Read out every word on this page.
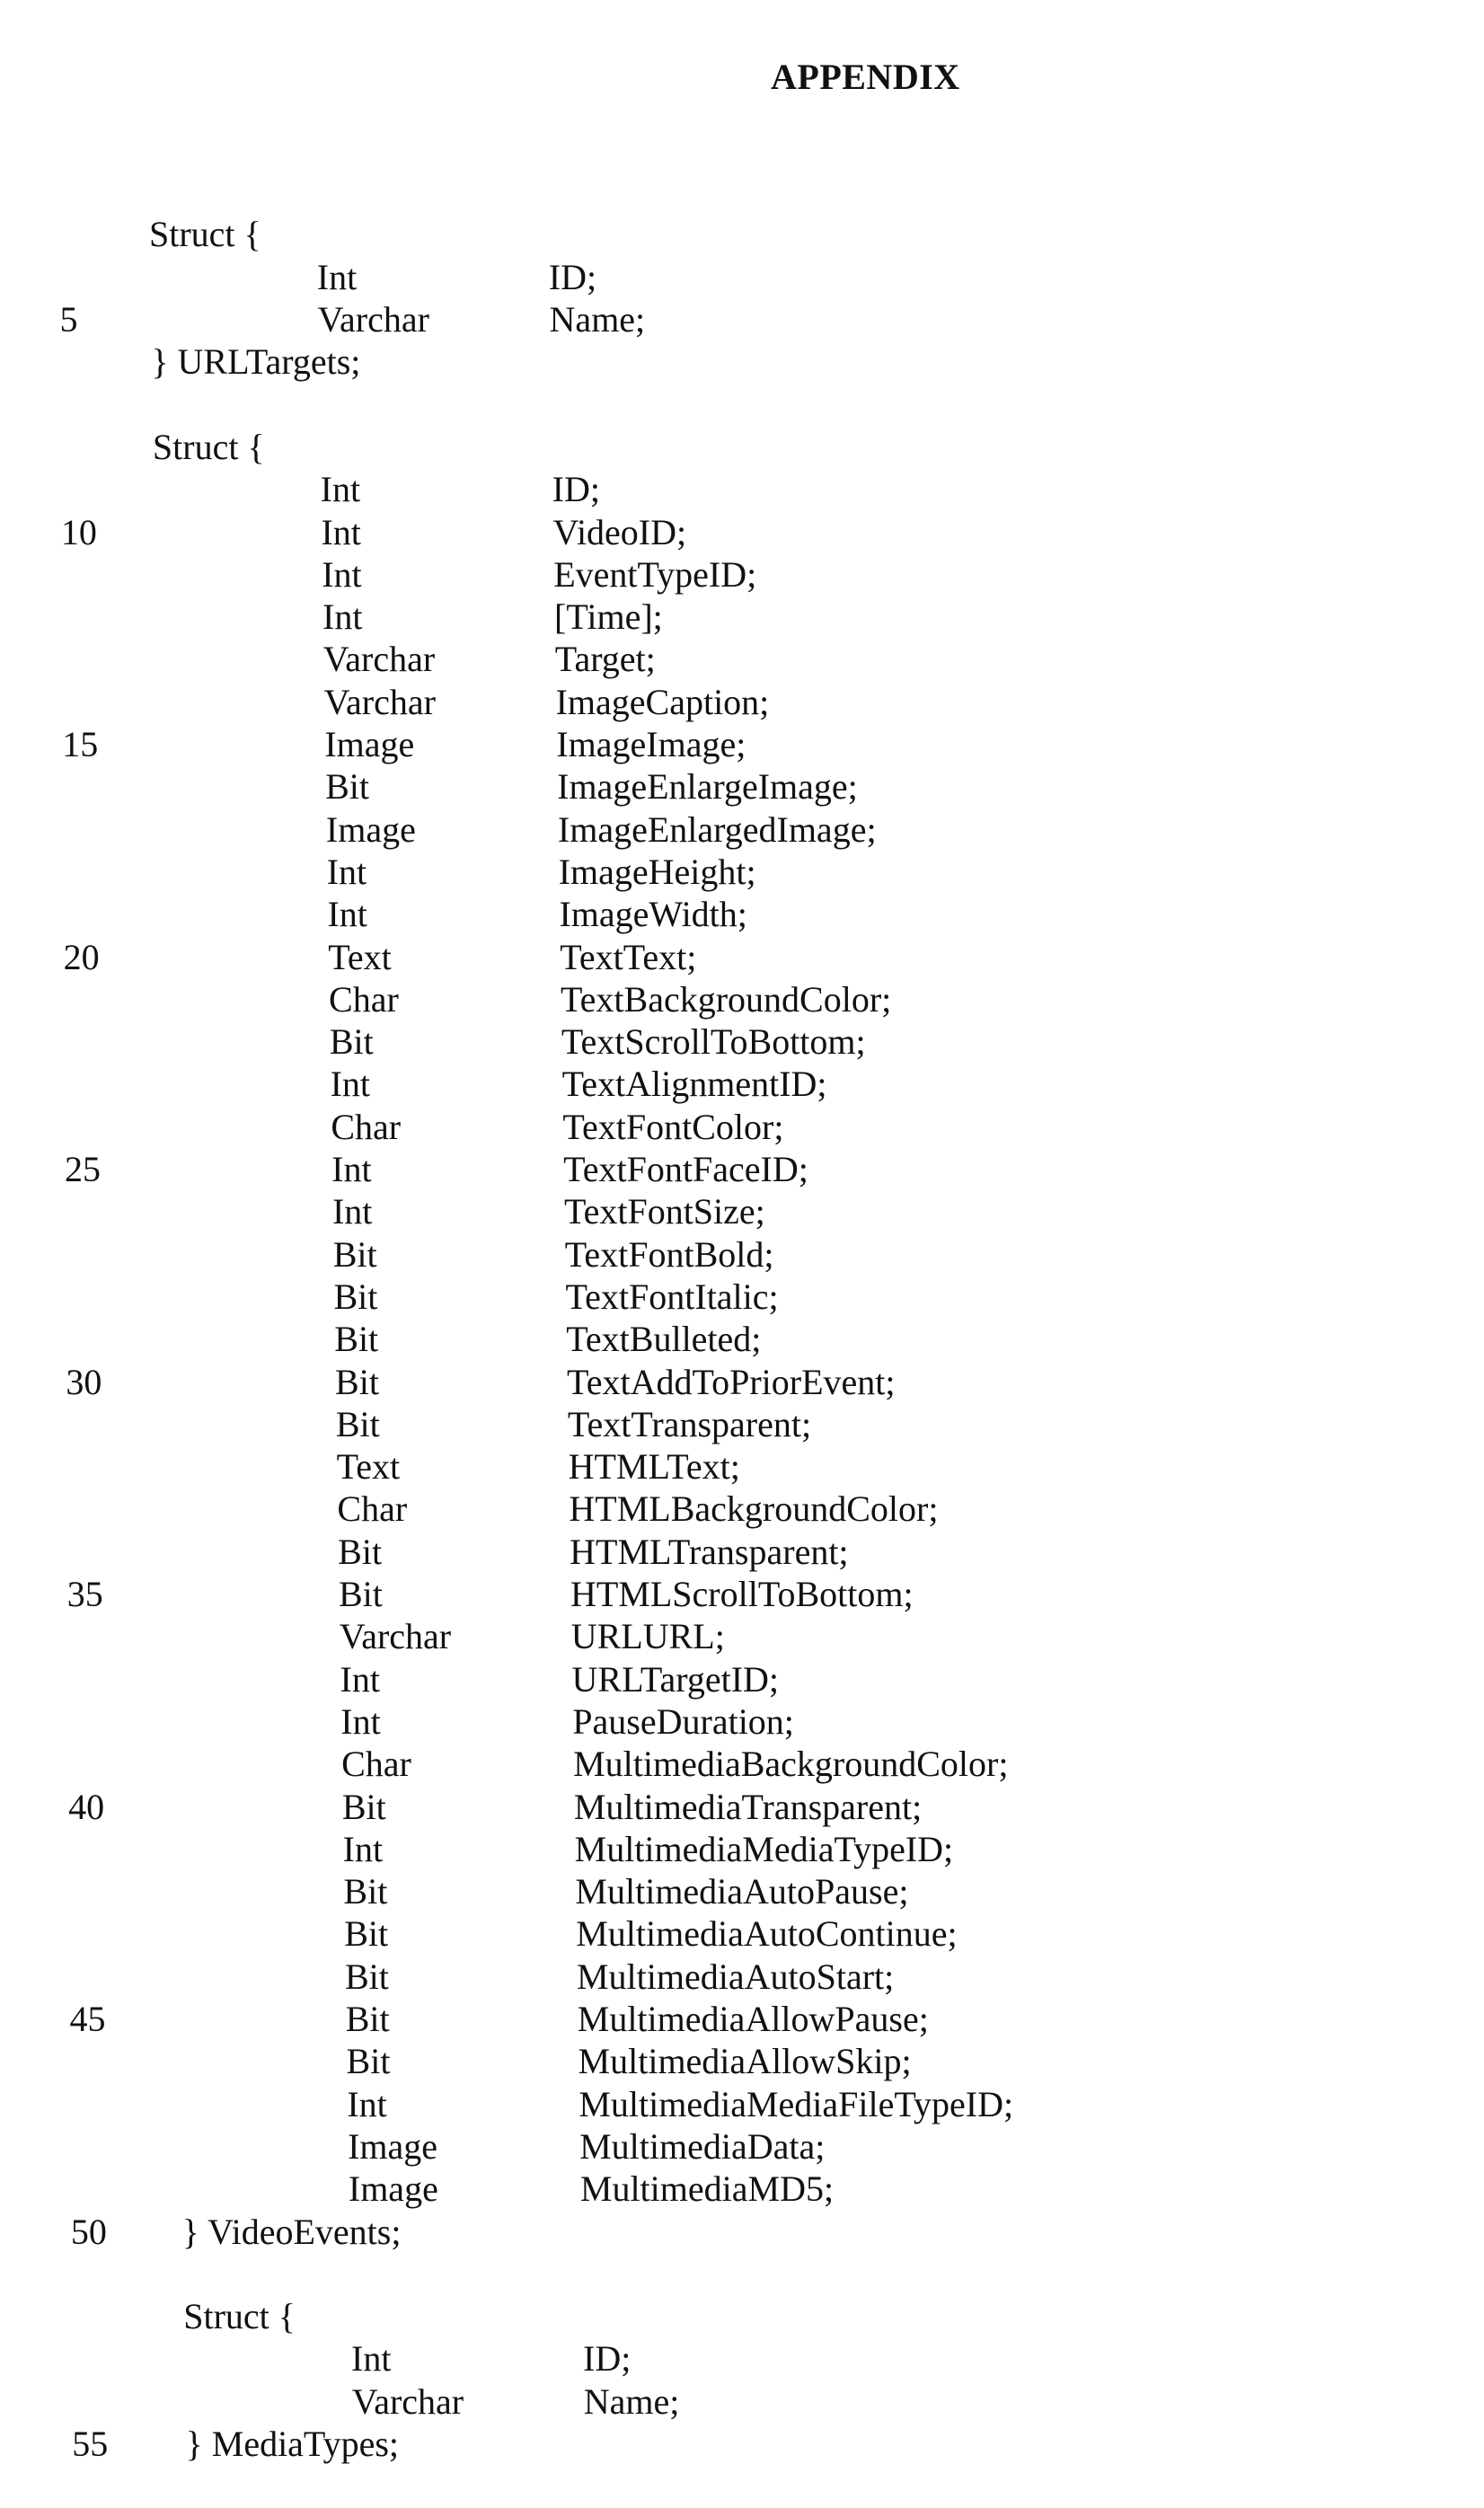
APPENDIX
Struct {
Int	ID;
5	Varchar	Name;
} URLTargets;
Struct {
Int	ID;
10	Int	VideoID;
Int	EventTypeID;
Int	[Time];
Varchar	Target;
Varchar	ImageCaption;
15	Image	ImageImage;
Bit	ImageEnlargeImage;
Image	ImageEnlargedImage;
Int	ImageHeight;
Int	ImageWidth;
20	Text	TextText;
Char	TextBackgroundColor;
Bit	TextScrollToBottom;
Int	TextAlignmentID;
Char	TextFontColor;
25	Int	TextFontFaceID;
Int	TextFontSize;
Bit	TextFontBold;
Bit	TextFontItalic;
Bit	TextBulleted;
30	Bit	TextAddToPriorEvent;
Bit	TextTransparent;
Text	HTMLText;
Char	HTMLBackgroundColor;
Bit	HTMLTransparent;
35	Bit	HTMLScrollToBottom;
Varchar	URLURL;
Int	URLTargetID;
Int	PauseDuration;
Char	MultimediaBackgroundColor;
40	Bit	MultimediaTransparent;
Int	MultimediaMediaTypeID;
Bit	MultimediaAutoPause;
Bit	MultimediaAutoContinue;
Bit	MultimediaAutoStart;
45	Bit	MultimediaAllowPause;
Bit	MultimediaAllowSkip;
Int	MultimediaMediaFileTypeID;
Image	MultimediaData;
Image	MultimediaMD5;
50 } VideoEvents;
Struct {
Int	ID;
Varchar	Name;
55 } MediaTypes;
